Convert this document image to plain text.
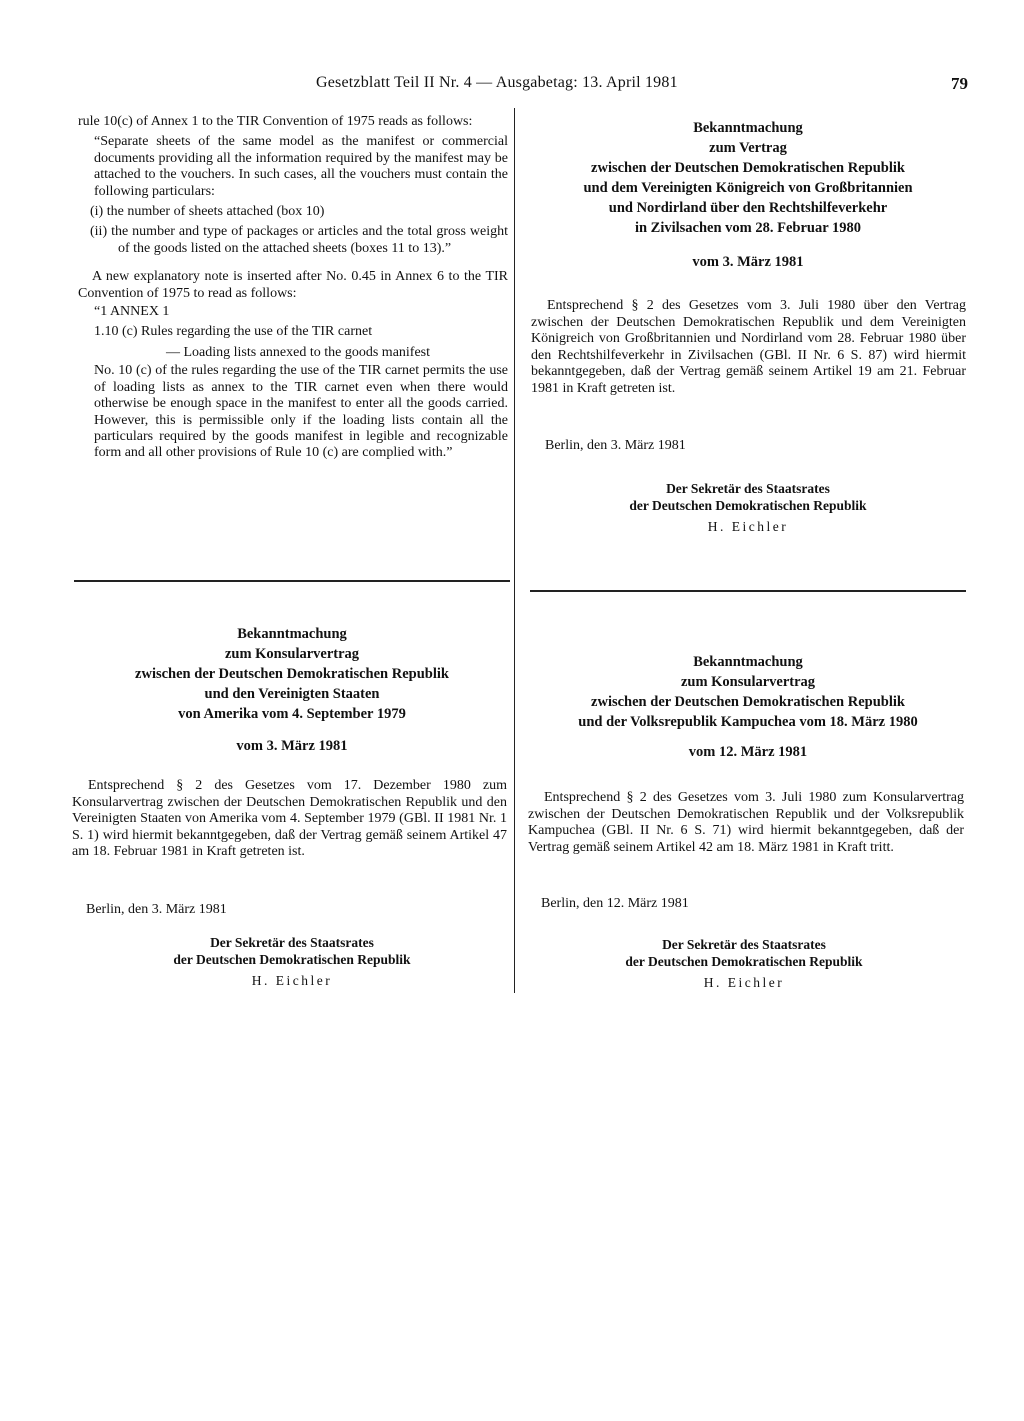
Gesetzblatt Teil II Nr. 4 — Ausgabetag: 13. April 1981	79

rule 10(c) of Annex 1 to the TIR Convention of 1975 reads as follows:

“Separate sheets of the same model as the manifest or commercial documents providing all the information required by the manifest may be attached to the vouchers. In such cases, all the vouchers must contain the following particulars:

(i) the number of sheets attached (box 10)

(ii) the number and type of packages or articles and the total gross weight of the goods listed on the attached sheets (boxes 11 to 13).”

A new explanatory note is inserted after No. 0.45 in Annex 6 to the TIR Convention of 1975 to read as follows:

“1 ANNEX 1

1.10 (c) Rules regarding the use of the TIR carnet

— Loading lists annexed to the goods manifest

No. 10 (c) of the rules regarding the use of the TIR carnet permits the use of loading lists as annex to the TIR carnet even when there would otherwise be enough space in the manifest to enter all the goods carried. However, this is permissible only if the loading lists contain all the particulars required by the goods manifest in legible and recognizable form and all other provisions of Rule 10 (c) are complied with.”

Bekanntmachung
zum Vertrag
zwischen der Deutschen Demokratischen Republik
und dem Vereinigten Königreich von Großbritannien
und Nordirland über den Rechtshilfeverkehr
in Zivilsachen vom 28. Februar 1980
vom 3. März 1981
Entsprechend § 2 des Gesetzes vom 3. Juli 1980 über den Vertrag zwischen der Deutschen Demokratischen Republik und dem Vereinigten Königreich von Großbritannien und Nordirland vom 28. Februar 1980 über den Rechtshilfeverkehr in Zivilsachen (GBl. II Nr. 6 S. 87) wird hiermit bekanntgegeben, daß der Vertrag gemäß seinem Artikel 19 am 21. Februar 1981 in Kraft getreten ist.
Berlin, den 3. März 1981
Der Sekretär des Staatsrates
der Deutschen Demokratischen Republik
H. Eichler
Bekanntmachung
zum Konsularvertrag
zwischen der Deutschen Demokratischen Republik
und den Vereinigten Staaten
von Amerika vom 4. September 1979
vom 3. März 1981
Entsprechend § 2 des Gesetzes vom 17. Dezember 1980 zum Konsularvertrag zwischen der Deutschen Demokratischen Republik und den Vereinigten Staaten von Amerika vom 4. September 1979 (GBl. II 1981 Nr. 1 S. 1) wird hiermit bekanntgegeben, daß der Vertrag gemäß seinem Artikel 47 am 18. Februar 1981 in Kraft getreten ist.
Berlin, den 3. März 1981
Der Sekretär des Staatsrates
der Deutschen Demokratischen Republik
H. Eichler
Bekanntmachung
zum Konsularvertrag
zwischen der Deutschen Demokratischen Republik
und der Volksrepublik Kampuchea vom 18. März 1980
vom 12. März 1981
Entsprechend § 2 des Gesetzes vom 3. Juli 1980 zum Konsularvertrag zwischen der Deutschen Demokratischen Republik und der Volksrepublik Kampuchea (GBl. II Nr. 6 S. 71) wird hiermit bekanntgegeben, daß der Vertrag gemäß seinem Artikel 42 am 18. März 1981 in Kraft tritt.
Berlin, den 12. März 1981
Der Sekretär des Staatsrates
der Deutschen Demokratischen Republik
H. Eichler
